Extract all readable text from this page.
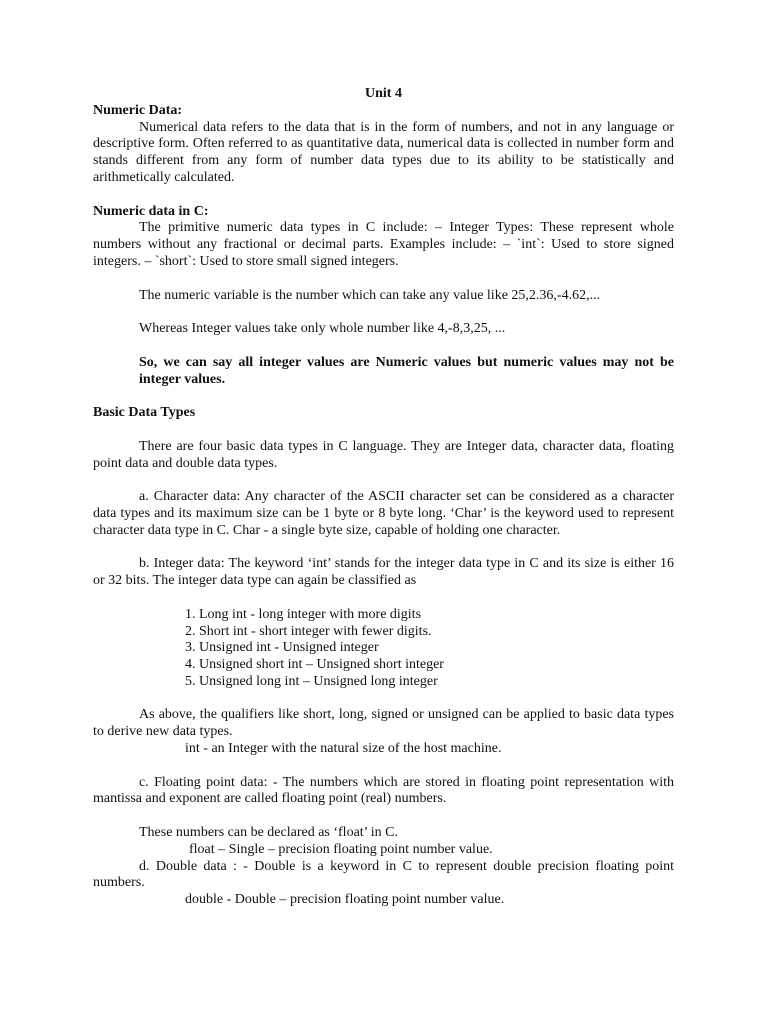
Unit 4

Numeric Data:

Numerical data refers to the data that is in the form of numbers, and not in any language or descriptive form. Often referred to as quantitative data, numerical data is collected in number form and stands different from any form of number data types due to its ability to be statistically and arithmetically calculated.

Numeric data in C:

The primitive numeric data types in C include: – Integer Types: These represent whole numbers without any fractional or decimal parts. Examples include: – `int`: Used to store signed integers. – `short`: Used to store small signed integers.

The numeric variable is the number which can take any value like 25,2.36,-4.62,...

Whereas Integer values take only whole number like 4,-8,3,25, ...

So, we can say all integer values are Numeric values but numeric values may not be integer values.

Basic Data Types

There are four basic data types in C language. They are Integer data, character data, floating point data and double data types.

a. Character data: Any character of the ASCII character set can be considered as a character data types and its maximum size can be 1 byte or 8 byte long. ‘Char’ is the keyword used to represent character data type in C. Char - a single byte size, capable of holding one character.

b. Integer data: The keyword ‘int’ stands for the integer data type in C and its size is either 16 or 32 bits. The integer data type can again be classified as

1. Long int - long integer with more digits
2. Short int - short integer with fewer digits.
3. Unsigned int - Unsigned integer
4. Unsigned short int – Unsigned short integer
5. Unsigned long int – Unsigned long integer

As above, the qualifiers like short, long, signed or unsigned can be applied to basic data types to derive new data types.

int - an Integer with the natural size of the host machine.

c. Floating point data: - The numbers which are stored in floating point representation with mantissa and exponent are called floating point (real) numbers.

These numbers can be declared as ‘float’ in C.

float – Single – precision floating point number value.

d. Double data : - Double is a keyword in C to represent double precision floating point numbers.

double - Double – precision floating point number value.
